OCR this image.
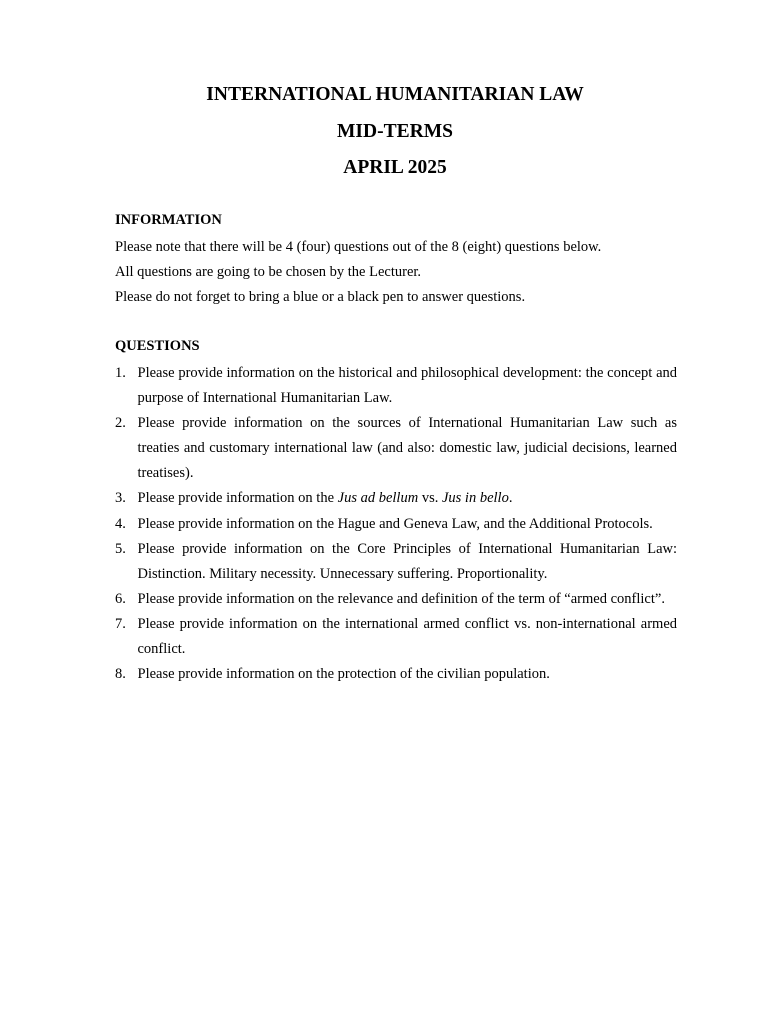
INTERNATIONAL HUMANITARIAN LAW
MID-TERMS
APRIL 2025
INFORMATION
Please note that there will be 4 (four) questions out of the 8 (eight) questions below.
All questions are going to be chosen by the Lecturer.
Please do not forget to bring a blue or a black pen to answer questions.
QUESTIONS
1. Please provide information on the historical and philosophical development: the concept and purpose of International Humanitarian Law.
2. Please provide information on the sources of International Humanitarian Law such as treaties and customary international law (and also: domestic law, judicial decisions, learned treatises).
3. Please provide information on the Jus ad bellum vs. Jus in bello.
4. Please provide information on the Hague and Geneva Law, and the Additional Protocols.
5. Please provide information on the Core Principles of International Humanitarian Law: Distinction. Military necessity. Unnecessary suffering. Proportionality.
6. Please provide information on the relevance and definition of the term of “armed conflict”.
7. Please provide information on the international armed conflict vs. non-international armed conflict.
8. Please provide information on the protection of the civilian population.
